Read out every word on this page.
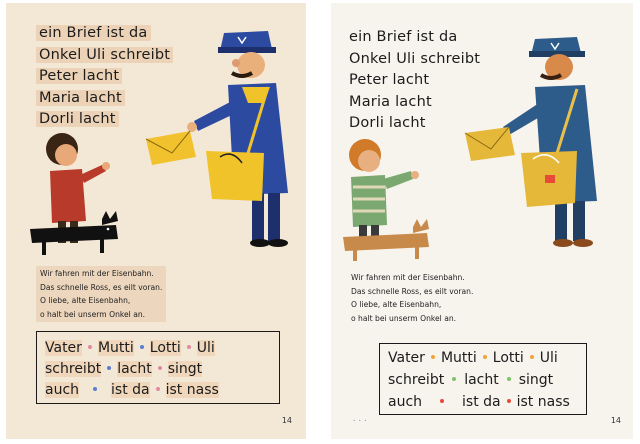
ein Brief ist da
Onkel Uli schreibt
Peter lacht
Maria lacht
Dorli lacht
Wir fahren mit der Eisenbahn.
Das schnelle Ross, es eilt voran.
O liebe, alte Eisenbahn,
o halt bei unserm Onkel an.
Vater Mutti Lotti Uli
schreibt lacht singt
auch ist da ist nass
14
ein Brief ist da
Onkel Uli schreibt
Peter lacht
Maria lacht
Dorli lacht
Wir fahren mit der Eisenbahn.
Das schnelle Ross, es eilt voran.
O liebe, alte Eisenbahn,
o halt bei unserm Onkel an.
Vater Mutti Lotti Uli
schreibt lacht singt
auch	ist da ist nass
• • •	14
